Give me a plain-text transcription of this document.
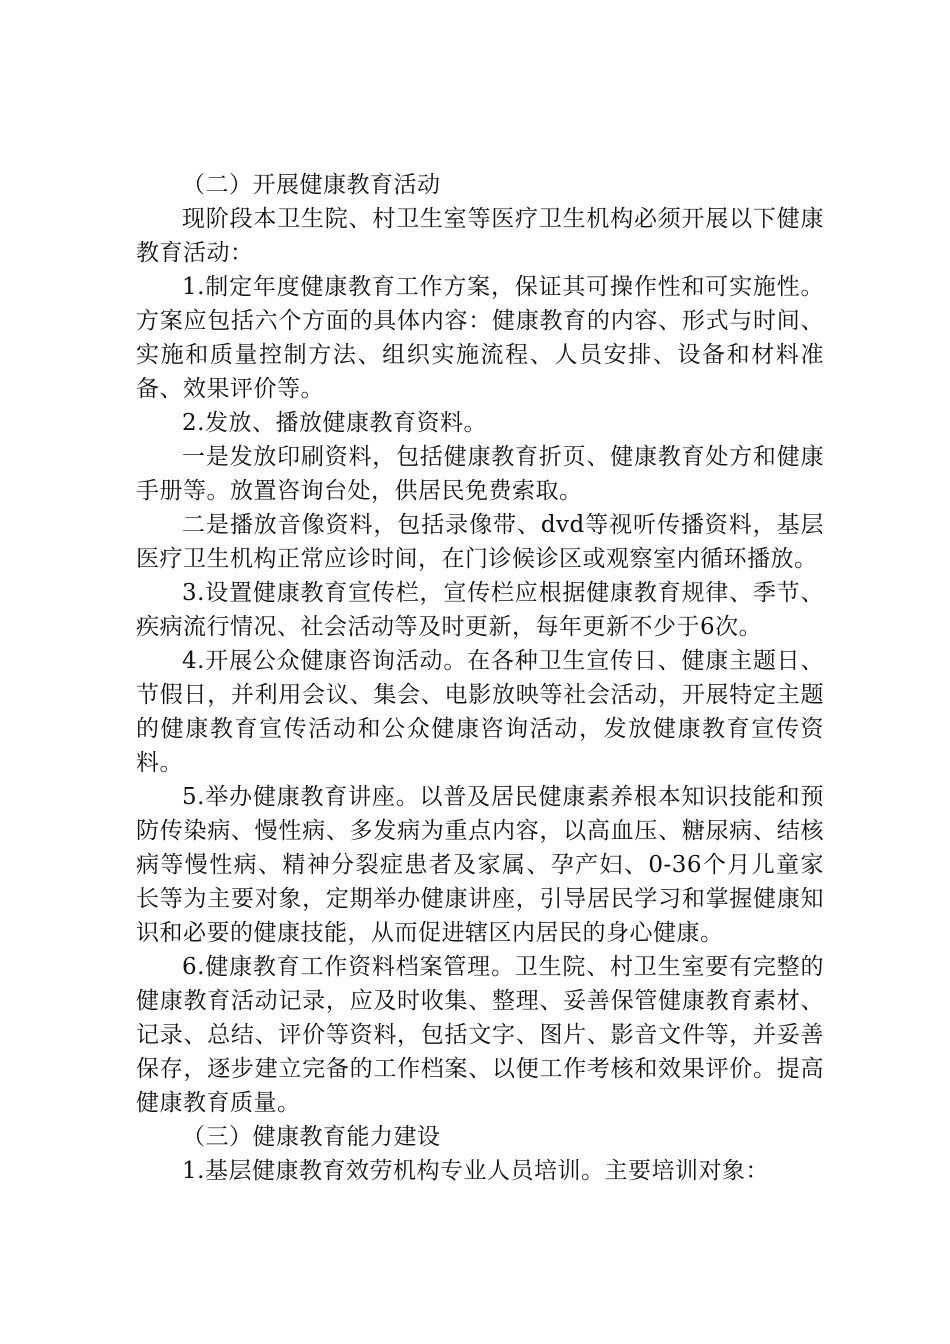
（二）开展健康教育活动

现阶段本卫生院、村卫生室等医疗卫生机构必须开展以下健康教育活动：

1.制定年度健康教育工作方案，保证其可操作性和可实施性。方案应包括六个方面的具体内容：健康教育的内容、形式与时间、实施和质量控制方法、组织实施流程、人员安排、设备和材料准备、效果评价等。

2.发放、播放健康教育资料。

一是发放印刷资料，包括健康教育折页、健康教育处方和健康手册等。放置咨询台处，供居民免费索取。

二是播放音像资料，包括录像带、dvd等视听传播资料，基层医疗卫生机构正常应诊时间，在门诊候诊区或观察室内循环播放。

3.设置健康教育宣传栏，宣传栏应根据健康教育规律、季节、疾病流行情况、社会活动等及时更新，每年更新不少于6次。

4.开展公众健康咨询活动。在各种卫生宣传日、健康主题日、节假日，并利用会议、集会、电影放映等社会活动，开展特定主题的健康教育宣传活动和公众健康咨询活动，发放健康教育宣传资料。

5.举办健康教育讲座。以普及居民健康素养根本知识技能和预防传染病、慢性病、多发病为重点内容，以高血压、糖尿病、结核病等慢性病、精神分裂症患者及家属、孕产妇、0-36个月儿童家长等为主要对象，定期举办健康讲座，引导居民学习和掌握健康知识和必要的健康技能，从而促进辖区内居民的身心健康。

6.健康教育工作资料档案管理。卫生院、村卫生室要有完整的健康教育活动记录，应及时收集、整理、妥善保管健康教育素材、记录、总结、评价等资料，包括文字、图片、影音文件等，并妥善保存，逐步建立完备的工作档案、以便工作考核和效果评价。提高健康教育质量。

（三）健康教育能力建设

1.基层健康教育效劳机构专业人员培训。主要培训对象：
